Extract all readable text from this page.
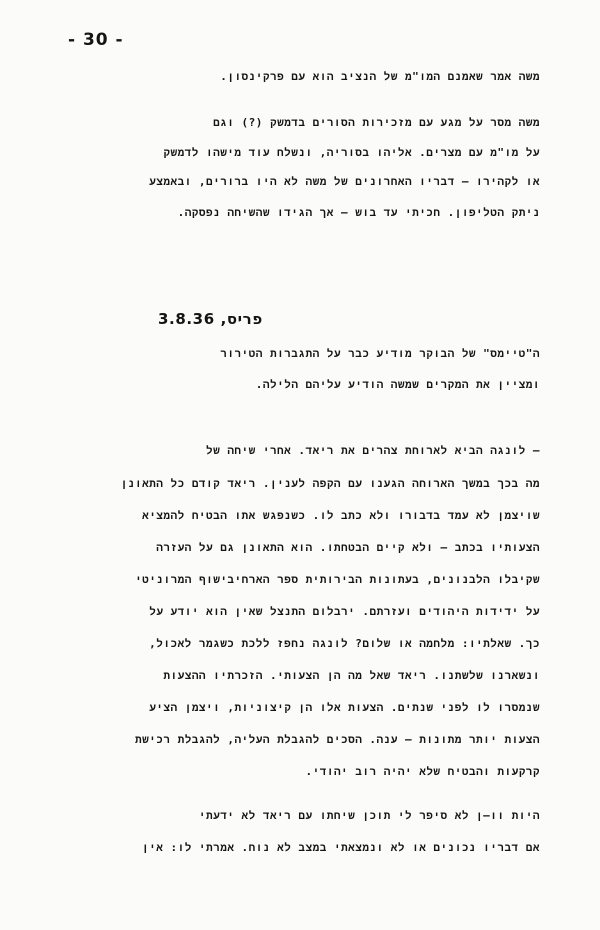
- 30 -
משה אמר שאמנם המו"מ של הנציב הוא עם פרקינסון.
משה מסר על מגע עם מזכירות הסורים בדמשק (?) וגם
על מו"מ עם מצרים. אליהו בסוריה, ונשלח עוד מישהו לדמשק
או לקהירו – דבריו האחרונים של משה לא היו ברורים, ובאמצע
ניתק הטליפון. חכיתי עד בוש – אך הגידו שהשיחה נפסקה.
פריס, 3.8.36
ה"טיימס" של הבוקר מודיע כבר על התגברות הטירור
ומציין את המקרים שמשה הודיע עליהם הלילה.
– לונגה הביא לארוחת צהרים את ריאד. אחרי שיחה של
מה בכך במשך הארוחה הגענו עם הקפה לענין. ריאד קודם כל התאונן
שויצמן לא עמד בדבורו ולא כתב לו. כשנפגש אתו הבטיח להמציא
הצעותיו בכתב – ולא קיים הבטחתו. הוא התאונן גם על העזרה
שקיבלו הלבנונים, בעתונות הבירותית ספר הארחיבישוף המרוניטי
על ידידות היהודים ועזרתם. ירבלום התנצל שאין הוא יודע על
כך. שאלתיו: מלחמה או שלום? לונגה נחפז ללכת כשגמר לאכול,
ונשארנו שלשתנו. ריאד שאל מה הן הצעותי. הזכרתיו ההצעות
שנמסרו לו לפני שנתים. הצעות אלו הן קיצוניות, ויצמן הציע
הצעות יותר מתונות – ענה. הסכים להגבלת העליה, להגבלת רכישת
קרקעות והבטיח שלא יהיה רוב יהודי.
היות וו–ן לא סיפר לי תוכן שיחתו עם ריאד לא ידעתי
אם דבריו נכונים או לא ונמצאתי במצב לא נוח. אמרתי לו: אין
